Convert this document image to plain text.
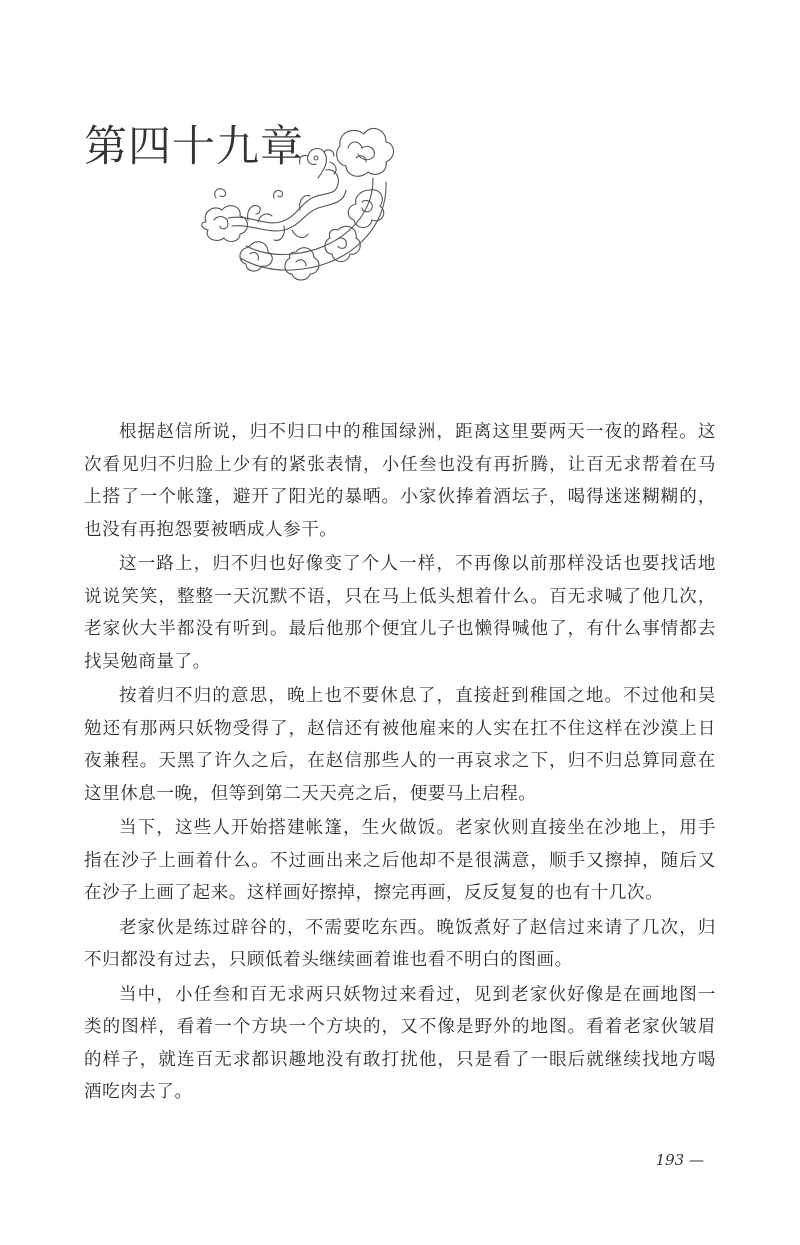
第四十九章

根据赵信所说，归不归口中的稚国绿洲，距离这里要两天一夜的路程。这次看见归不归脸上少有的紧张表情，小任叁也没有再折腾，让百无求帮着在马上搭了一个帐篷，避开了阳光的暴晒。小家伙捧着酒坛子，喝得迷迷糊糊的，也没有再抱怨要被晒成人参干。

这一路上，归不归也好像变了个人一样，不再像以前那样没话也要找话地说说笑笑，整整一天沉默不语，只在马上低头想着什么。百无求喊了他几次，老家伙大半都没有听到。最后他那个便宜儿子也懒得喊他了，有什么事情都去找吴勉商量了。

按着归不归的意思，晚上也不要休息了，直接赶到稚国之地。不过他和吴勉还有那两只妖物受得了，赵信还有被他雇来的人实在扛不住这样在沙漠上日夜兼程。天黑了许久之后，在赵信那些人的一再哀求之下，归不归总算同意在这里休息一晚，但等到第二天天亮之后，便要马上启程。

当下，这些人开始搭建帐篷，生火做饭。老家伙则直接坐在沙地上，用手指在沙子上画着什么。不过画出来之后他却不是很满意，顺手又擦掉，随后又在沙子上画了起来。这样画好擦掉，擦完再画，反反复复的也有十几次。

老家伙是练过辟谷的，不需要吃东西。晚饭煮好了赵信过来请了几次，归不归都没有过去，只顾低着头继续画着谁也看不明白的图画。

当中，小任叁和百无求两只妖物过来看过，见到老家伙好像是在画地图一类的图样，看着一个方块一个方块的，又不像是野外的地图。看着老家伙皱眉的样子，就连百无求都识趣地没有敢打扰他，只是看了一眼后就继续找地方喝酒吃肉去了。

193 —
